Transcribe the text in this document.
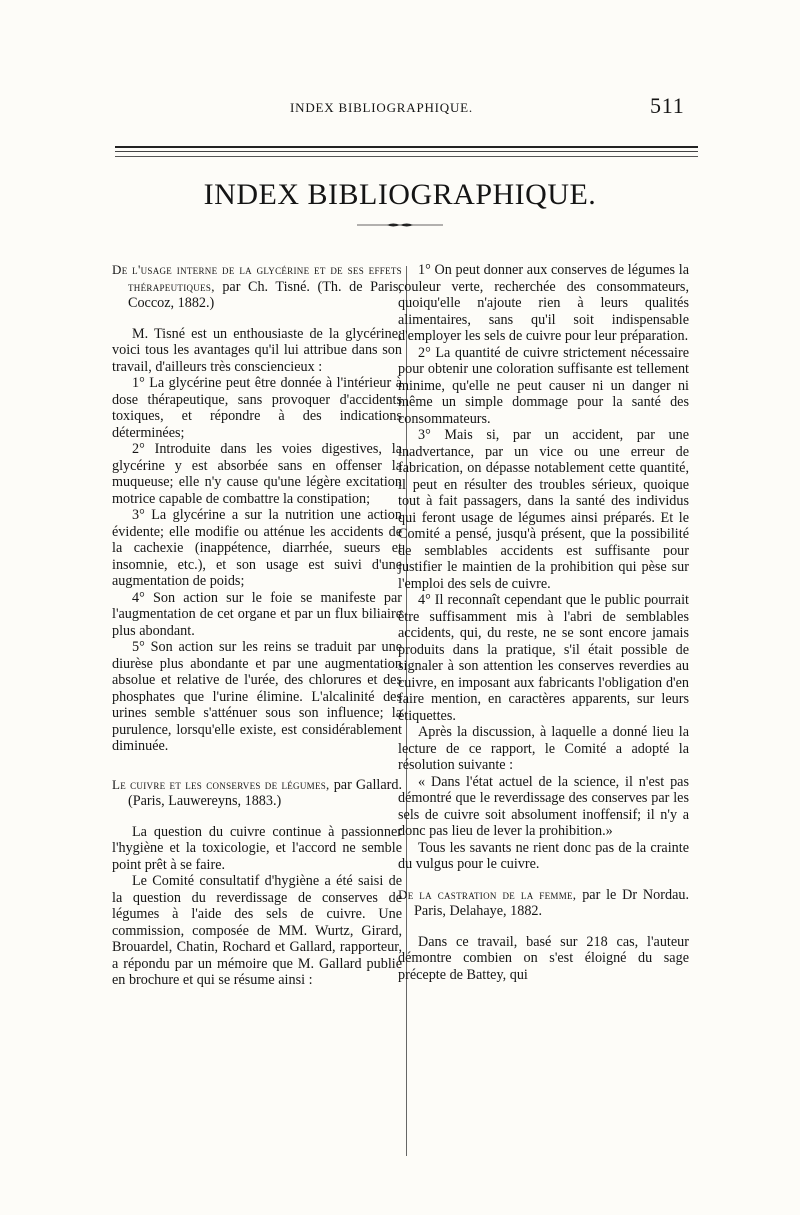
INDEX BIBLIOGRAPHIQUE.	511
INDEX BIBLIOGRAPHIQUE.

De l'usage interne de la glycérine et de ses effets thérapeutiques, par Ch. Tisné. (Th. de Paris, Coccoz, 1882.)

M. Tisné est un enthousiaste de la glycérine; voici tous les avantages qu'il lui attribue dans son travail, d'ailleurs très consciencieux :

1° La glycérine peut être donnée à l'intérieur à dose thérapeutique, sans provoquer d'accidents toxiques, et répondre à des indications déterminées;

2° Introduite dans les voies digestives, la glycérine y est absorbée sans en offenser la muqueuse; elle n'y cause qu'une légère excitation motrice capable de combattre la constipation;

3° La glycérine a sur la nutrition une action évidente; elle modifie ou atténue les accidents de la cachexie (inappétence, diarrhée, sueurs et insomnie, etc.), et son usage est suivi d'une augmentation de poids;

4° Son action sur le foie se manifeste par l'augmentation de cet organe et par un flux biliaire plus abondant.

5° Son action sur les reins se traduit par une diurèse plus abondante et par une augmentation absolue et relative de l'urée, des chlorures et des phosphates que l'urine élimine. L'alcalinité des urines semble s'atténuer sous son influence; la purulence, lorsqu'elle existe, est considérablement diminuée.

Le cuivre et les conserves de légumes, par Gallard. (Paris, Lauwereyns, 1883.)

La question du cuivre continue à passionner l'hygiène et la toxicologie, et l'accord ne semble point prêt à se faire.

Le Comité consultatif d'hygiène a été saisi de la question du reverdissage de conserves de légumes à l'aide des sels de cuivre. Une commission, composée de MM. Wurtz, Girard, Brouardel, Chatin, Rochard et Gallard, rapporteur, a répondu par un mémoire que M. Gallard publie en brochure et qui se résume ainsi :

1° On peut donner aux conserves de légumes la couleur verte, recherchée des consommateurs, quoiqu'elle n'ajoute rien à leurs qualités alimentaires, sans qu'il soit indispensable d'employer les sels de cuivre pour leur préparation.

2° La quantité de cuivre strictement nécessaire pour obtenir une coloration suffisante est tellement minime, qu'elle ne peut causer ni un danger ni même un simple dommage pour la santé des consommateurs.

3° Mais si, par un accident, par une inadvertance, par un vice ou une erreur de fabrication, on dépasse notablement cette quantité, il peut en résulter des troubles sérieux, quoique tout à fait passagers, dans la santé des individus qui feront usage de légumes ainsi préparés. Et le Comité a pensé, jusqu'à présent, que la possibilité de semblables accidents est suffisante pour justifier le maintien de la prohibition qui pèse sur l'emploi des sels de cuivre.

4° Il reconnaît cependant que le public pourrait être suffisamment mis à l'abri de semblables accidents, qui, du reste, ne se sont encore jamais produits dans la pratique, s'il était possible de signaler à son attention les conserves reverdies au cuivre, en imposant aux fabricants l'obligation d'en faire mention, en caractères apparents, sur leurs étiquettes.

Après la discussion, à laquelle a donné lieu la lecture de ce rapport, le Comité a adopté la résolution suivante :

« Dans l'état actuel de la science, il n'est pas démontré que le reverdissage des conserves par les sels de cuivre soit absolument inoffensif; il n'y a donc pas lieu de lever la prohibition.»

Tous les savants ne rient donc pas de la crainte du vulgus pour le cuivre.

De la castration de la femme, par le Dr Nordau. Paris, Delahaye, 1882.

Dans ce travail, basé sur 218 cas, l'auteur démontre combien on s'est éloigné du sage précepte de Battey, qui
